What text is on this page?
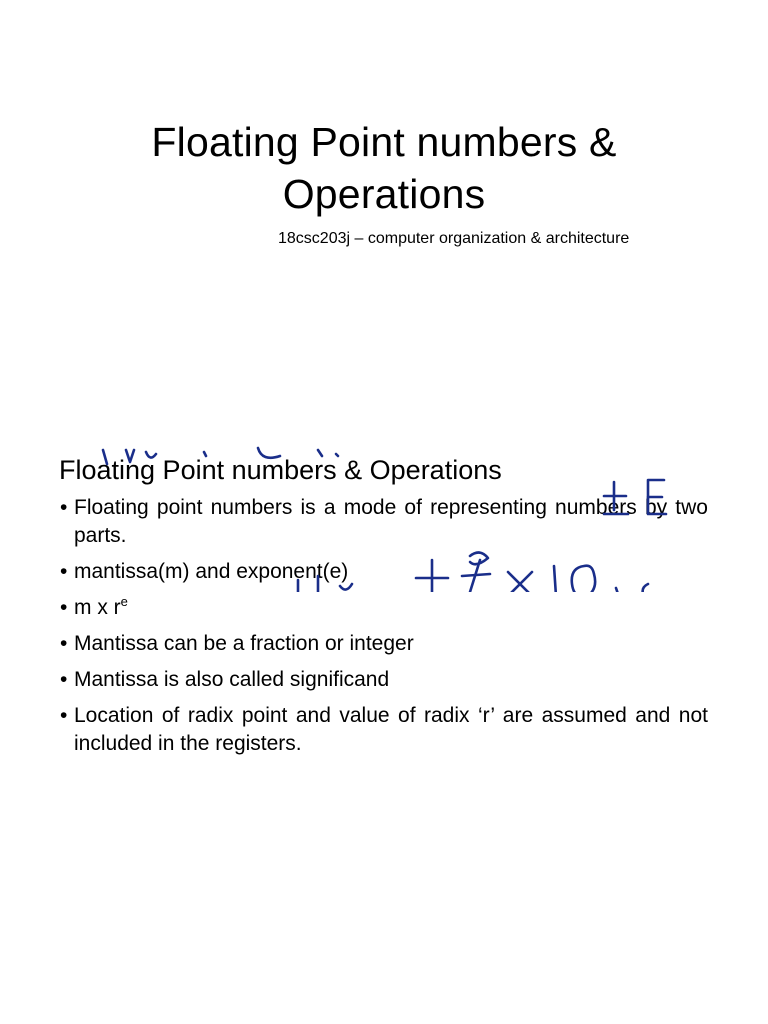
Floating Point numbers &
Operations
18csc203j – computer organization & architecture
Floating Point numbers & Operations
• Floating point numbers is a mode of representing numbers by two parts.
• mantissa(m) and exponent(e)
• m x $r^e$
• Mantissa can be a fraction or integer
• Mantissa is also called significand
• Location of radix point and value of radix ‘r’ are assumed and not included in the registers.
